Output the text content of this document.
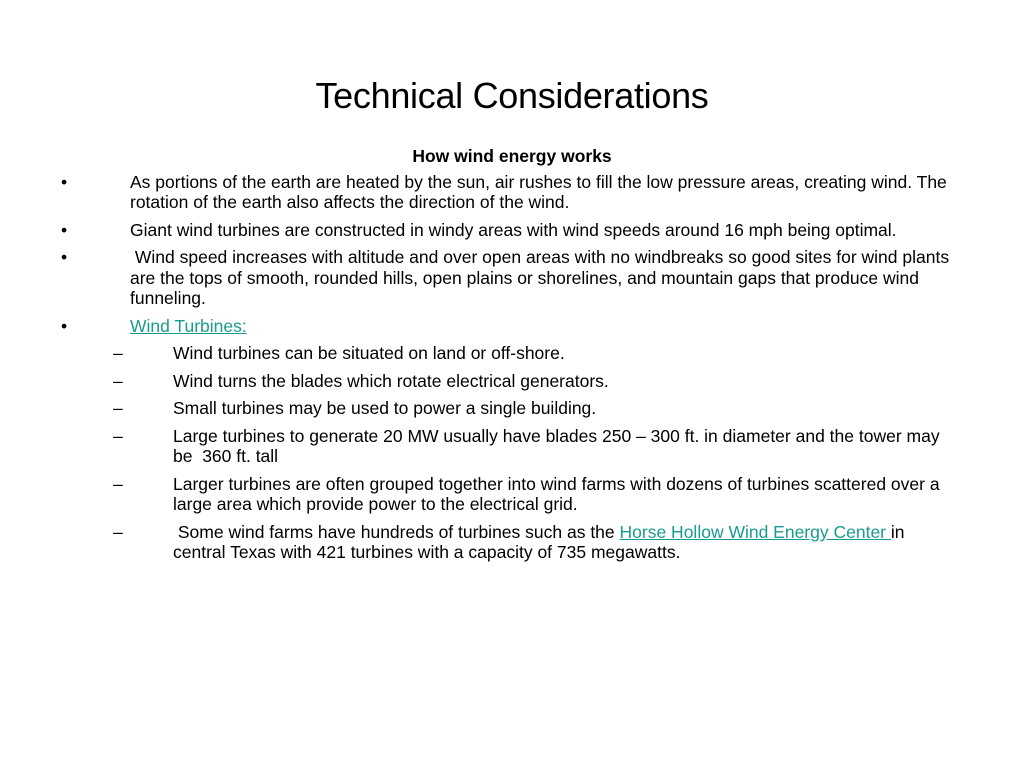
Technical Considerations
How wind energy works
•	As portions of the earth are heated by the sun, air rushes to fill the low pressure areas, creating wind. The rotation of the earth also affects the direction of the wind.
•	Giant wind turbines are constructed in windy areas with wind speeds around 16 mph being optimal.
•	Wind speed increases with altitude and over open areas with no windbreaks so good sites for wind plants are the tops of smooth, rounded hills, open plains or shorelines, and mountain gaps that produce wind funneling.
•	Wind Turbines:
–	Wind turbines can be situated on land or off-shore.
–	Wind turns the blades which rotate electrical generators.
–	Small turbines may be used to power a single building.
–	Large turbines to generate 20 MW usually have blades 250 – 300 ft. in diameter and the tower may be  360 ft. tall
–	Larger turbines are often grouped together into wind farms with dozens of turbines scattered over a large area which provide power to the electrical grid.
–	Some wind farms have hundreds of turbines such as the Horse Hollow Wind Energy Center in central Texas with 421 turbines with a capacity of 735 megawatts.
